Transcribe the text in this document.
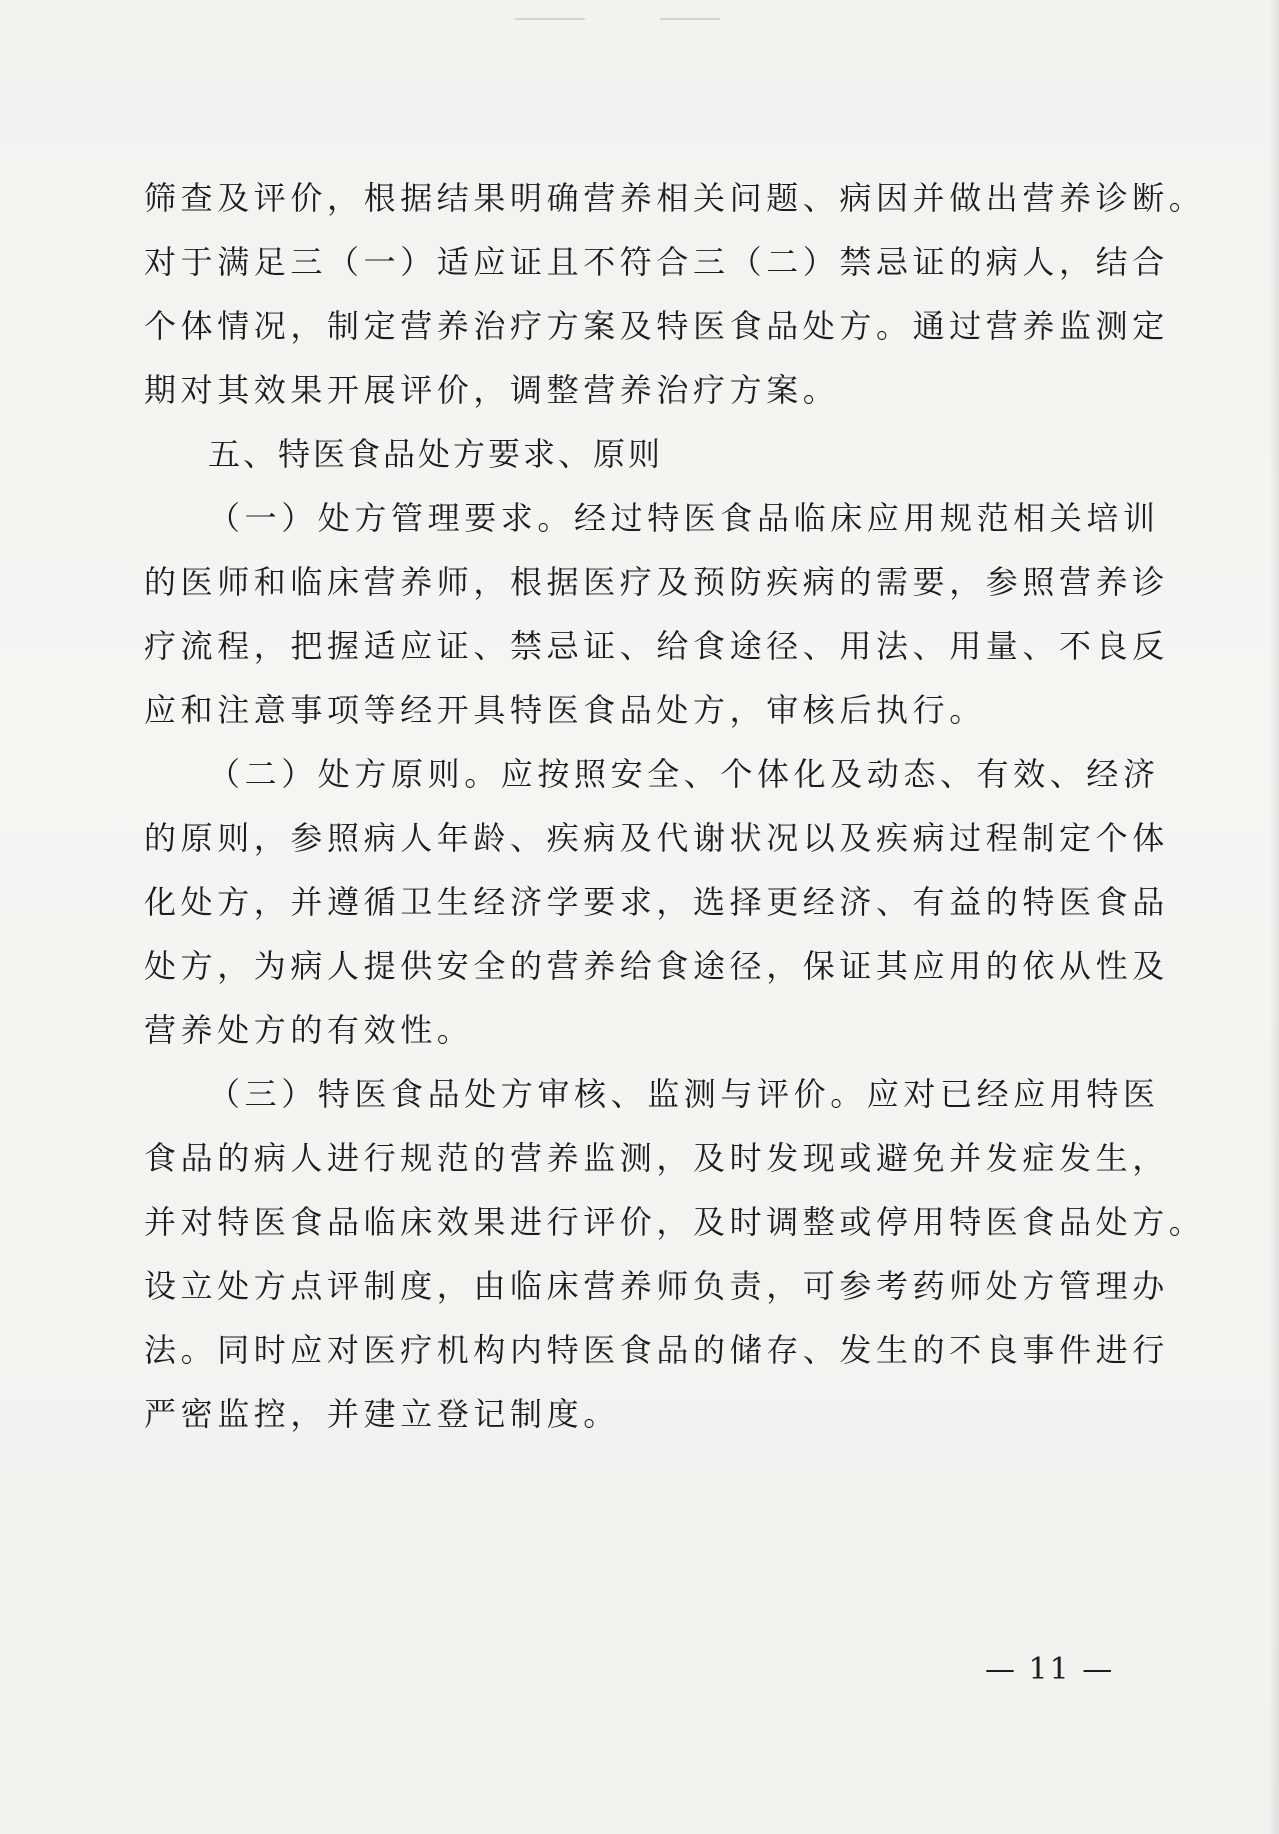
筛查及评价，根据结果明确营养相关问题、病因并做出营养诊断。
对于满足三（一）适应证且不符合三（二）禁忌证的病人，结合
个体情况，制定营养治疗方案及特医食品处方。通过营养监测定
期对其效果开展评价，调整营养治疗方案。
五、特医食品处方要求、原则
（一）处方管理要求。经过特医食品临床应用规范相关培训
的医师和临床营养师，根据医疗及预防疾病的需要，参照营养诊
疗流程，把握适应证、禁忌证、给食途径、用法、用量、不良反
应和注意事项等经开具特医食品处方，审核后执行。
（二）处方原则。应按照安全、个体化及动态、有效、经济
的原则，参照病人年龄、疾病及代谢状况以及疾病过程制定个体
化处方，并遵循卫生经济学要求，选择更经济、有益的特医食品
处方，为病人提供安全的营养给食途径，保证其应用的依从性及
营养处方的有效性。
（三）特医食品处方审核、监测与评价。应对已经应用特医
食品的病人进行规范的营养监测，及时发现或避免并发症发生，
并对特医食品临床效果进行评价，及时调整或停用特医食品处方。
设立处方点评制度，由临床营养师负责，可参考药师处方管理办
法。同时应对医疗机构内特医食品的储存、发生的不良事件进行
严密监控，并建立登记制度。
— 11 —
